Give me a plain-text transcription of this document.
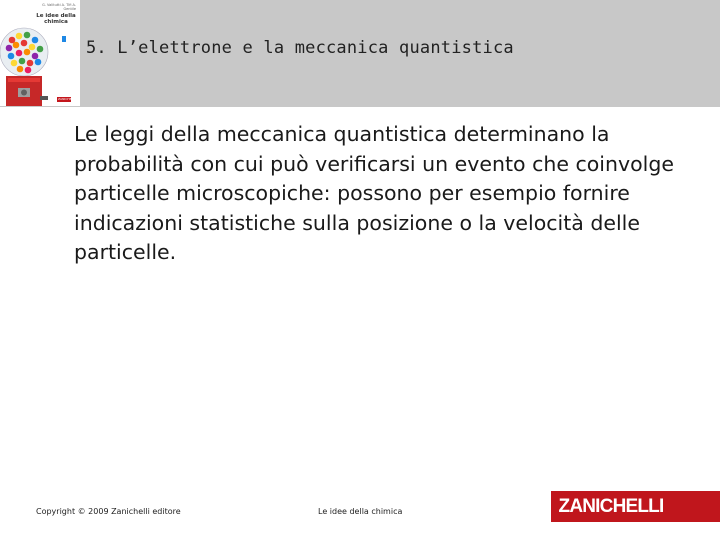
G. Valitutti A. Tifi A. Gentile
Le idee della chimica
ZANICHELLI
5. L’elettrone e la meccanica quantistica
Le leggi della meccanica quantistica determinano la probabilità con cui può verificarsi un evento che coinvolge particelle microscopiche: possono per esempio fornire indicazioni statistiche sulla posizione o la velocità delle particelle.
Copyright © 2009 Zanichelli editore	Le idee della chimica	ZANICHELLI
